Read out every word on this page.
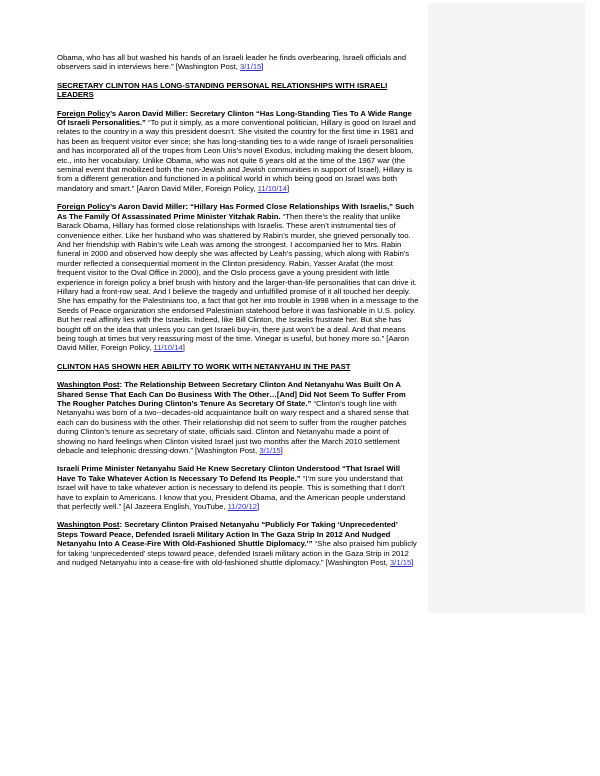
Obama, who has all but washed his hands of an Israeli leader he finds overbearing, Israeli officials and observers said in interviews here.” [Washington Post, 3/1/15]

SECRETARY CLINTON HAS LONG-STANDING PERSONAL RELATIONSHIPS WITH ISRAELI LEADERS

Foreign Policy’s Aaron David Miller: Secretary Clinton “Has Long-Standing Ties To A Wide Range Of Israeli Personalities.” “To put it simply, as a more conventional politician, Hillary is good on Israel and relates to the country in a way this president doesn’t. She visited the country for the first time in 1981 and has been as frequent visitor ever since; she has long-standing ties to a wide range of Israeli personalities and has incorporated all of the tropes from Leon Uris’s novel Exodus, including making the desert bloom, etc., into her vocabulary. Unlike Obama, who was not quite 6 years old at the time of the 1967 war (the seminal event that mobilized both the non-Jewish and Jewish communities in support of Israel), Hillary is from a different generation and functioned in a political world in which being good on Israel was both mandatory and smart.” [Aaron David Miller, Foreign Policy, 11/10/14]

Foreign Policy’s Aaron David Miller: “Hillary Has Formed Close Relationships With Israelis,” Such As The Family Of Assassinated Prime Minister Yitzhak Rabin. “Then there’s the reality that unlike Barack Obama, Hillary has formed close relationships with Israelis. These aren’t instrumental ties of convenience either. Like her husband who was shattered by Rabin’s murder, she grieved personally too. And her friendship with Rabin’s wife Leah was among the strongest. I accompanied her to Mrs. Rabin funeral in 2000 and observed how deeply she was affected by Leah’s passing, which along with Rabin’s murder reflected a consequential moment in the Clinton presidency. Rabin, Yasser Arafat (the most frequent visitor to the Oval Office in 2000), and the Oslo process gave a young president with little experience in foreign policy a brief brush with history and the larger-than-life personalities that can drive it. Hillary had a front-row seat. And I believe the tragedy and unfulfilled promise of it all touched her deeply. She has empathy for the Palestinians too, a fact that got her into trouble in 1998 when in a message to the Seeds of Peace organization she endorsed Palestinian statehood before it was fashionable in U.S. policy. But her real affinity lies with the Israelis. Indeed, like Bill Clinton, the Israelis frustrate her. But she has bought off on the idea that unless you can get Israeli buy-in, there just won’t be a deal. And that means being tough at times but very reassuring most of the time. Vinegar is useful, but honey more so.” [Aaron David Miller, Foreign Policy, 11/10/14]

CLINTON HAS SHOWN HER ABILITY TO WORK WITH NETANYAHU IN THE PAST

Washington Post: The Relationship Between Secretary Clinton And Netanyahu Was Built On A Shared Sense That Each Can Do Business With The Other…[And] Did Not Seem To Suffer From The Rougher Patches During Clinton’s Tenure As Secretary Of State.” “Clinton’s tough line with Netanyahu was born of a two--decades-old acquaintance built on wary respect and a shared sense that each can do business with the other. Their relationship did not seem to suffer from the rougher patches during Clinton’s tenure as secretary of state, officials said. Clinton and Netanyahu made a point of showing no hard feelings when Clinton visited Israel just two months after the March 2010 settlement debacle and telephonic dressing-down.” [Washington Post, 3/1/15]

Israeli Prime Minister Netanyahu Said He Knew Secretary Clinton Understood “That Israel Will Have To Take Whatever Action Is Necessary To Defend Its People.” “I’m sure you understand that Israel will have to take whatever action is necessary to defend its people. This is something that I don’t have to explain to Americans. I know that you, President Obama, and the American people understand that perfectly well.” [Al Jazeera English, YouTube, 11/20/12]

Washington Post: Secretary Clinton Praised Netanyahu “Publicly For Taking ‘Unprecedented’ Steps Toward Peace, Defended Israeli Military Action In The Gaza Strip In 2012 And Nudged Netanyahu Into A Cease-Fire With Old-Fashioned Shuttle Diplomacy.’” “She also praised him publicly for taking ‘unprecedented’ steps toward peace, defended Israeli military action in the Gaza Strip in 2012 and nudged Netanyahu into a cease-fire with old-fashioned shuttle diplomacy.” [Washington Post, 3/1/15]
